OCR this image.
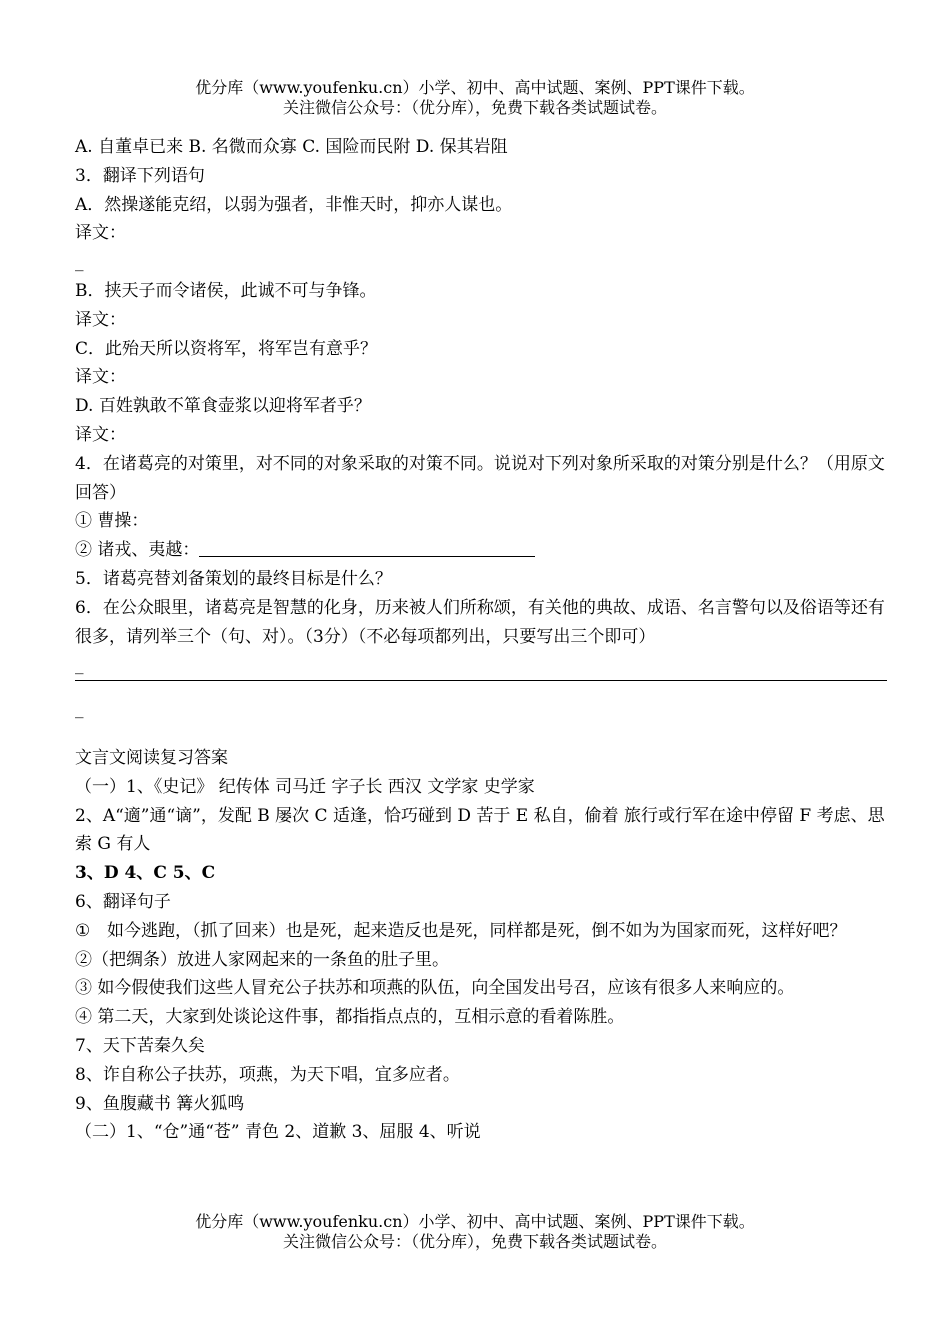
优分库（www.youfenku.cn）小学、初中、高中试题、案例、PPT课件下载。
关注微信公众号：（优分库），免费下载各类试题试卷。
A. 自董卓已来 B. 名微而众寡 C. 国险而民附 D. 保其岩阻
3．翻译下列语句
A．然操遂能克绍，以弱为强者，非惟天时，抑亦人谋也。
译文：
_
B．挟天子而令诸侯，此诚不可与争锋。
译文：
C．此殆天所以资将军，将军岂有意乎？
译文：
D. 百姓孰敢不箪食壶浆以迎将军者乎？
译文：
4．在诸葛亮的对策里，对不同的对象采取的对策不同。说说对下列对象所采取的对策分别是什么？（用原文回答）
① 曹操：
② 诸戎、夷越：
5．诸葛亮替刘备策划的最终目标是什么？
6．在公众眼里，诸葛亮是智慧的化身，历来被人们所称颂，有关他的典故、成语、名言警句以及俗语等还有很多，请列举三个（句、对）。（3分）（不必每项都列出，只要写出三个即可）
_
_
文言文阅读复习答案
（一）1、《史记》 纪传体 司马迁 字子长 西汉 文学家 史学家
2、A“適”通“谪”，发配 B 屡次 C 适逢，恰巧碰到 D 苦于 E 私自，偷着 旅行或行军在途中停留 F 考虑、思索 G 有人
3、D 4、C 5、C
6、翻译句子
① 如今逃跑，（抓了回来）也是死，起来造反也是死，同样都是死，倒不如为为国家而死，这样好吧？
②（把绸条）放进人家网起来的一条鱼的肚子里。
③ 如今假使我们这些人冒充公子扶苏和项燕的队伍，向全国发出号召，应该有很多人来响应的。
④ 第二天，大家到处谈论这件事，都指指点点的，互相示意的看着陈胜。
7、天下苦秦久矣
8、诈自称公子扶苏，项燕，为天下唱，宜多应者。
9、鱼腹藏书 篝火狐鸣
（二）1、“仓”通“苍” 青色 2、道歉 3、屈服 4、听说
优分库（www.youfenku.cn）小学、初中、高中试题、案例、PPT课件下载。
关注微信公众号：（优分库），免费下载各类试题试卷。
